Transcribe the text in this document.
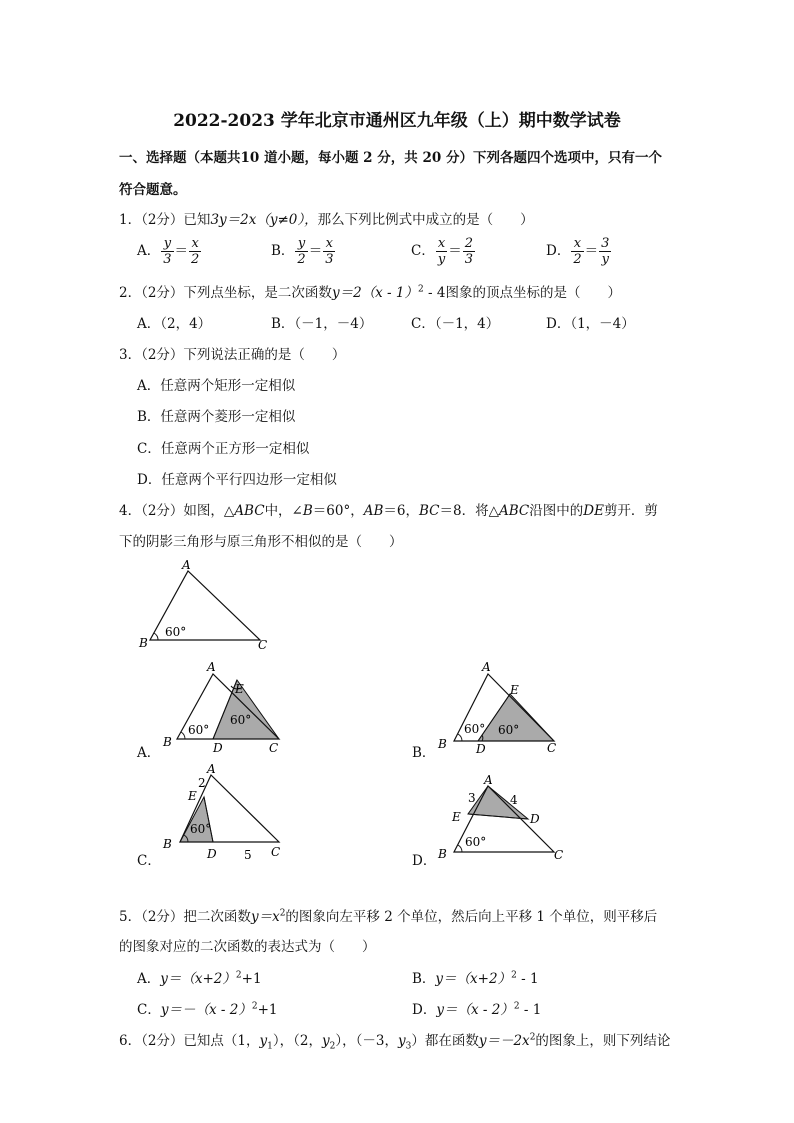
2022-2023 学年北京市通州区九年级（上）期中数学试卷
一、选择题（本题共10 道小题，每小题 2 分，共 20 分）下列各题四个选项中，只有一个
符合题意。
1．（2分）已知3y＝2x（y≠0），那么下列比例式中成立的是（　　）
A． $\frac{y}{3} = \frac{x}{2}$	B． $\frac{y}{2} = \frac{x}{3}$	C． $\frac{x}{y} = \frac{2}{3}$	D． $\frac{x}{2} = \frac{3}{y}$
2．（2分）下列点坐标，是二次函数y＝2（x - 1）$^2$ - 4图象的顶点坐标的是（　　）
A．（2，4）	B．（－1，－4）	C．（－1，4）	D．（1，－4）
3．（2分）下列说法正确的是（　　）
A．任意两个矩形一定相似
B．任意两个菱形一定相似
C．任意两个正方形一定相似
D．任意两个平行四边形一定相似
4．（2分）如图，△ABC中，∠B＝60°，AB＝6，BC＝8．将△ABC沿图中的DE剪开．剪
下的阴影三角形与原三角形不相似的是（　　）
A
B	C
60°
A．
A
E
B	D	C
60°
60°
B．
A
E
B D	C
60° 60°
C．
A
2
E
B
D 5 C
60°
D．
A
3	4
E	D
B	C
60°
5．（2分）把二次函数$y=x^2$的图象向左平移 2 个单位，然后向上平移 1 个单位，则平移后
的图象对应的二次函数的表达式为（　　）
A．$y=(x+2)^2+1$	B．$y=(x+2)^2 - 1$
C．y＝－（x - 2）$^2$+1	D．y＝（x - 2）$^2$ - 1
6．（2分）已知点（1，$y_1$），（2，$y_2$），（－3，$y_3$）都在函数$y=-2x^2$的图象上，则下列结论
